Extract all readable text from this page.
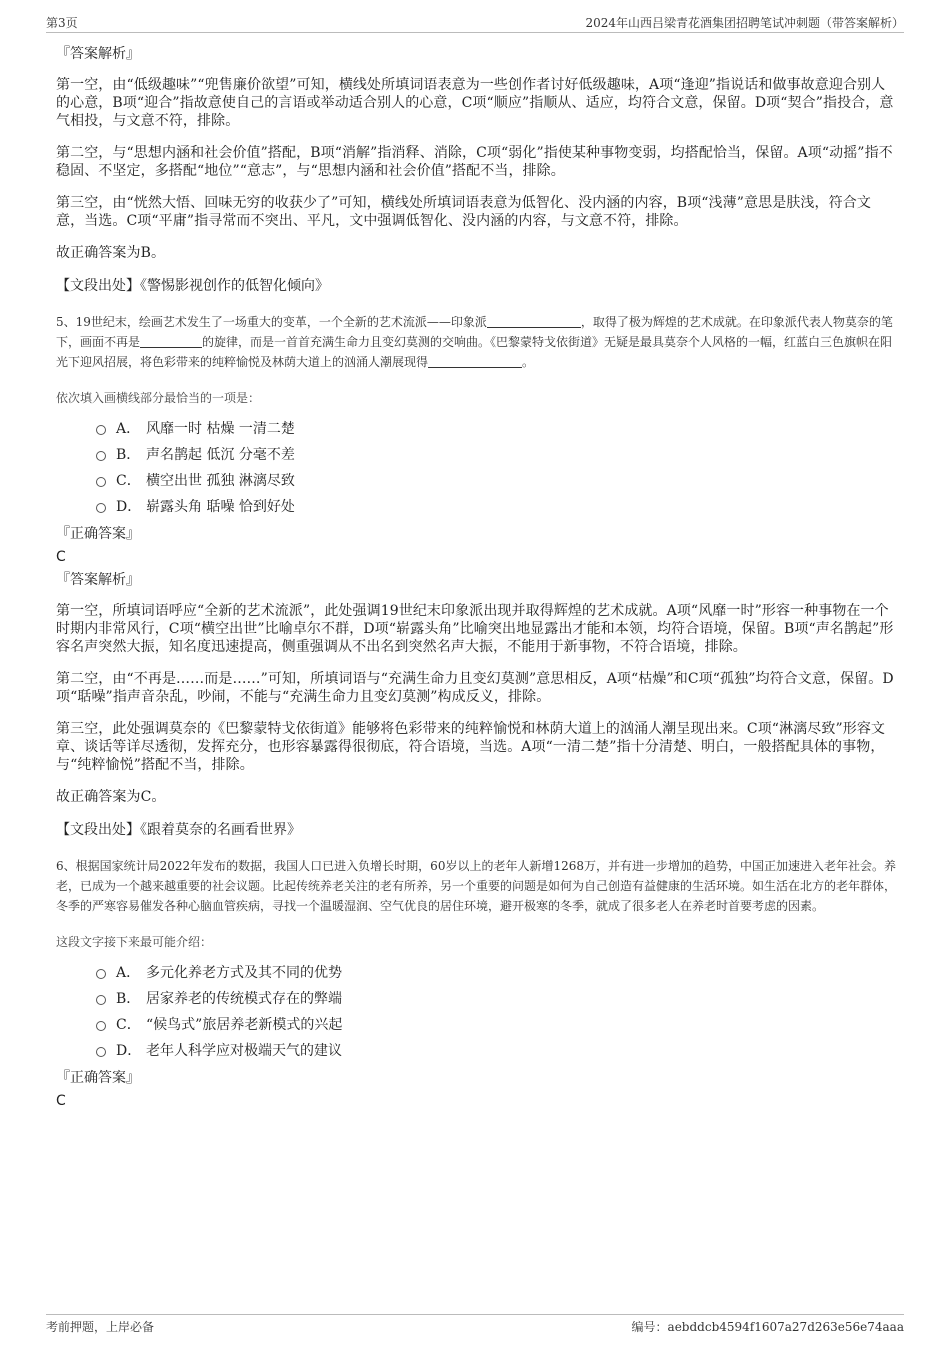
第3页	2024年山西吕梁青花酒集团招聘笔试冲刺题（带答案解析）
『答案解析』

第一空，由“低级趣味”“兜售廉价欲望”可知，横线处所填词语表意为一些创作者讨好低级趣味，A项“逢迎”指说话和做事故意迎合别人的心意，B项“迎合”指故意使自己的言语或举动适合别人的心意，C项“顺应”指顺从、适应，均符合文意，保留。D项“契合”指投合，意气相投，与文意不符，排除。

第二空，与“思想内涵和社会价值”搭配，B项“消解”指消释、消除，C项“弱化”指使某种事物变弱，均搭配恰当，保留。A项“动摇”指不稳固、不坚定，多搭配“地位”“意志”，与“思想内涵和社会价值”搭配不当，排除。

第三空，由“恍然大悟、回味无穷的收获少了”可知，横线处所填词语表意为低智化、没内涵的内容，B项“浅薄”意思是肤浅，符合文意，当选。C项“平庸”指寻常而不突出、平凡，文中强调低智化、没内涵的内容，与文意不符，排除。

故正确答案为B。

【文段出处】《警惕影视创作的低智化倾向》
5、19世纪末，绘画艺术发生了一场重大的变革，一个全新的艺术流派——印象派	，取得了极为辉煌的艺术成就。在印象派代表人物莫奈的笔下，画面不再是	的旋律，而是一首首充满生命力且变幻莫测的交响曲。《巴黎蒙特戈依街道》无疑是最具莫奈个人风格的一幅，红蓝白三色旗帜在阳光下迎风招展，将色彩带来的纯粹愉悦及林荫大道上的汹涌人潮展现得	。
依次填入画横线部分最恰当的一项是：
A． 风靡一时 枯燥 一清二楚
B． 声名鹊起 低沉 分毫不差
C． 横空出世 孤独 淋漓尽致
D． 崭露头角 聒噪 恰到好处
『正确答案』
C
『答案解析』

第一空，所填词语呼应“全新的艺术流派”，此处强调19世纪末印象派出现并取得辉煌的艺术成就。A项“风靡一时”形容一种事物在一个时期内非常风行，C项“横空出世”比喻卓尔不群，D项“崭露头角”比喻突出地显露出才能和本领，均符合语境，保留。B项“声名鹊起”形容名声突然大振，知名度迅速提高，侧重强调从不出名到突然名声大振，不能用于新事物，不符合语境，排除。

第二空，由“不再是……而是……”可知，所填词语与“充满生命力且变幻莫测”意思相反，A项“枯燥”和C项“孤独”均符合文意，保留。D项“聒噪”指声音杂乱，吵闹，不能与“充满生命力且变幻莫测”构成反义，排除。

第三空，此处强调莫奈的《巴黎蒙特戈依街道》能够将色彩带来的纯粹愉悦和林荫大道上的汹涌人潮呈现出来。C项“淋漓尽致”形容文章、谈话等详尽透彻，发挥充分，也形容暴露得很彻底，符合语境，当选。A项“一清二楚”指十分清楚、明白，一般搭配具体的事物，与“纯粹愉悦”搭配不当，排除。

故正确答案为C。

【文段出处】《跟着莫奈的名画看世界》
6、根据国家统计局2022年发布的数据，我国人口已进入负增长时期，60岁以上的老年人新增1268万，并有进一步增加的趋势，中国正加速进入老年社会。养老，已成为一个越来越重要的社会议题。比起传统养老关注的老有所养，另一个重要的问题是如何为自己创造有益健康的生活环境。如生活在北方的老年群体，冬季的严寒容易催发各种心脑血管疾病，寻找一个温暖湿润、空气优良的居住环境，避开极寒的冬季，就成了很多老人在养老时首要考虑的因素。
这段文字接下来最可能介绍：
A． 多元化养老方式及其不同的优势
B． 居家养老的传统模式存在的弊端
C． “候鸟式”旅居养老新模式的兴起
D． 老年人科学应对极端天气的建议
『正确答案』
C
考前押题，上岸必备	编号：aebddcb4594f1607a27d263e56e74aaa
